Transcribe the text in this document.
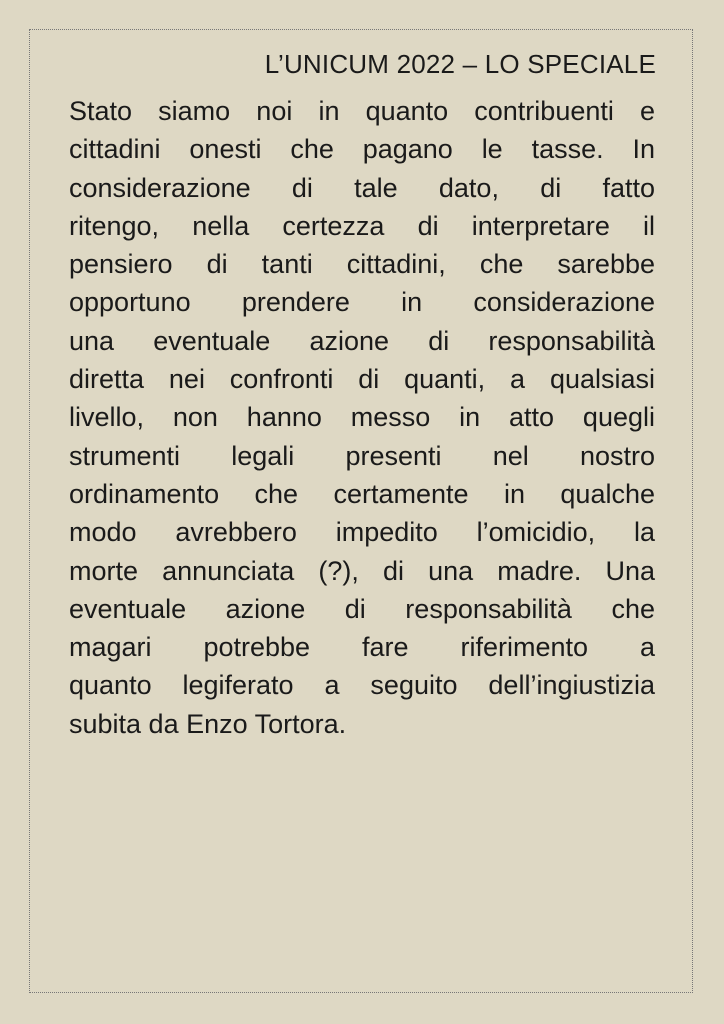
L’UNICUM 2022 – LO SPECIALE
Stato siamo noi in quanto contribuenti e
cittadini onesti che pagano le tasse. In
considerazione di tale dato, di fatto
ritengo, nella certezza di interpretare il
pensiero di tanti cittadini, che sarebbe
opportuno prendere in considerazione
una eventuale azione di responsabilità
diretta nei confronti di quanti, a qualsiasi
livello, non hanno messo in atto quegli
strumenti legali presenti nel nostro
ordinamento che certamente in qualche
modo avrebbero impedito l’omicidio, la
morte annunciata (?), di una madre. Una
eventuale azione di responsabilità che
magari potrebbe fare riferimento a
quanto legiferato a seguito dell’ingiustizia
subita da Enzo Tortora.
